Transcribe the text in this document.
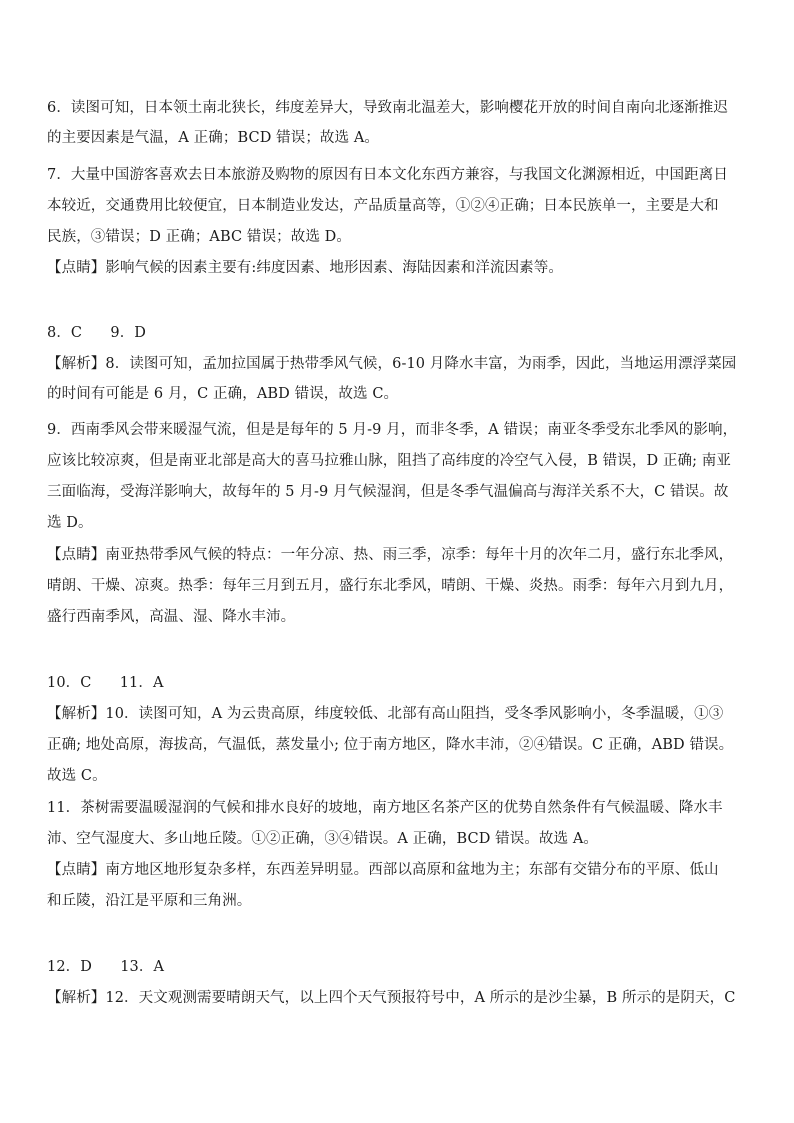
6．读图可知，日本领土南北狭长，纬度差异大，导致南北温差大，影响樱花开放的时间自南向北逐渐推迟
的主要因素是气温，A 正确；BCD 错误；故选 A。
7．大量中国游客喜欢去日本旅游及购物的原因有日本文化东西方兼容，与我国文化渊源相近，中国距离日
本较近，交通费用比较便宜，日本制造业发达，产品质量高等，①②④正确；日本民族单一，主要是大和
民族，③错误；D 正确；ABC 错误；故选 D。
【点睛】影响气候的因素主要有:纬度因素、地形因素、海陆因素和洋流因素等。
8．C      9．D
【解析】8．读图可知，孟加拉国属于热带季风气候，6-10 月降水丰富，为雨季，因此，当地运用漂浮菜园
的时间有可能是 6 月，C 正确，ABD 错误，故选 C。
9．西南季风会带来暖湿气流，但是是每年的 5 月-9 月，而非冬季，A 错误；南亚冬季受东北季风的影响，
应该比较凉爽，但是南亚北部是高大的喜马拉雅山脉，阻挡了高纬度的冷空气入侵，B 错误，D 正确; 南亚
三面临海，受海洋影响大，故每年的 5 月-9 月气候湿润，但是冬季气温偏高与海洋关系不大，C 错误。故
选 D。
【点睛】南亚热带季风气候的特点：一年分凉、热、雨三季，凉季：每年十月的次年二月，盛行东北季风，
晴朗、干燥、凉爽。热季：每年三月到五月，盛行东北季风，晴朗、干燥、炎热。雨季：每年六月到九月，
盛行西南季风，高温、湿、降水丰沛。
10．C      11．A
【解析】10．读图可知，A 为云贵高原，纬度较低、北部有高山阻挡，受冬季风影响小，冬季温暖，①③
正确; 地处高原，海拔高，气温低，蒸发量小; 位于南方地区，降水丰沛，②④错误。C 正确，ABD 错误。
故选 C。
11．茶树需要温暖湿润的气候和排水良好的坡地，南方地区名茶产区的优势自然条件有气候温暖、降水丰
沛、空气湿度大、多山地丘陵。①②正确，③④错误。A 正确，BCD 错误。故选 A。
【点睛】南方地区地形复杂多样，东西差异明显。西部以高原和盆地为主；东部有交错分布的平原、低山
和丘陵，沿江是平原和三角洲。
12．D      13．A
【解析】12．天文观测需要晴朗天气，以上四个天气预报符号中，A 所示的是沙尘暴，B 所示的是阴天，C
